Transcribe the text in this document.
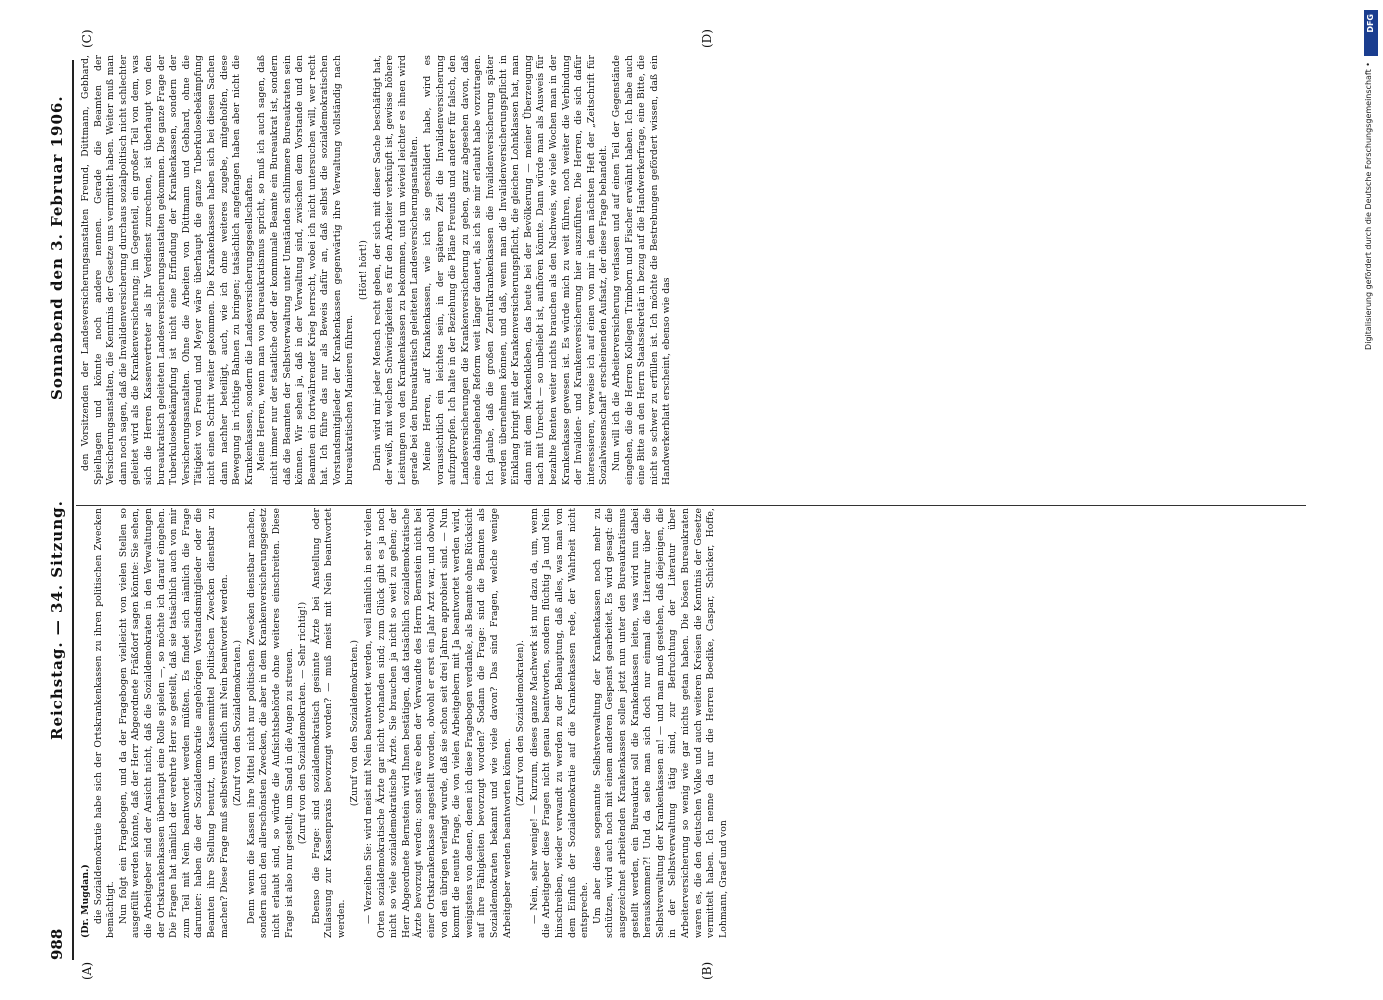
988
Reichstag. — 34. Sitzung.
Sonnabend den 3. Februar 1906.
(A)	(B)
(C)	(D)

(Dr. Mugdan.) die Sozialdemokratie habe sich der Ortskrankenkassen zu ihren politischen Zwecken bemächtigt. Nun folgt ein Fragebogen, und da der Fragebogen vielleicht von vielen Stellen so ausgefüllt werden könnte, daß der Herr Abgeordnete Fräßdorf sagen könnte: Sie sehen, die Arbeitgeber sind der Ansicht nicht, daß die Sozialdemokraten in den Verwaltungen der Ortskrankenkassen überhaupt eine Rolle spielen —, so möchte ich darauf eingehen. Die Fragen hat nämlich der verehrte Herr so gestellt, daß sie tatsächlich auch von mir zum Teil mit Nein beantwortet werden müßten. Es findet sich nämlich die Frage darunter: haben die der Sozialdemokratie angehörigen Vorstandsmitglieder oder die Beamten ihre Stellung benutzt, um Kassenmittel politischen Zwecken dienstbar zu machen? Diese Frage muß selbstverständlich mit Nein beantwortet werden. (Zuruf von den Sozialdemokraten.) Denn wenn die Kassen ihre Mittel nicht nur politischen Zwecken dienstbar machen, sondern auch den allerschönsten Zwecken, die aber in dem Krankenversicherungsgesetz nicht erlaubt sind, so würde die Aufsichtsbehörde ohne weiteres einschreiten. Diese Frage ist also nur gestellt, um Sand in die Augen zu streuen. (Zuruf von den Sozialdemokraten. — Sehr richtig!) Ebenso die Frage: sind sozialdemokratisch gesinnte Ärzte bei Anstellung oder Zulassung zur Kassenpraxis bevorzugt worden? — muß meist mit Nein beantwortet werden.

(Zuruf von den Sozialdemokraten.) — Verzeihen Sie: wird meist mit Nein beantwortet werden, weil nämlich in sehr vielen Orten sozialdemokratische Ärzte gar nicht vorhanden sind; zum Glück gibt es ja noch nicht so viele sozialdemokratische Ärzte. Sie brauchen ja nicht so weit zu gehen; der Herr Abgeordnete Bernstein wird Ihnen bestätigen, daß tatsächlich sozialdemokratische Ärzte bevorzugt werden; sonst wäre eben der Verwandte des Herrn Bernstein nicht bei einer Ortskrankenkasse angestellt worden, obwohl er erst ein Jahr Arzt war, und obwohl von den übrigen verlangt wurde, daß sie schon seit drei Jahren approbiert sind. — Nun kommt die neunte Frage, die von vielen Arbeitgebern mit Ja beantwortet werden wird, wenigstens von denen, denen ich diese Fragebogen verdanke, als Beamte ohne Rücksicht auf ihre Fähigkeiten bevorzugt worden? Sodann die Frage: sind die Beamten als Sozialdemokraten bekannt und wie viele davon? Das sind Fragen, welche wenige Arbeitgeber werden beantworten können.

(Zuruf von den Sozialdemokraten). — Nein, sehr wenige! — Kurzum, dieses ganze Machwerk ist nur dazu da, um, wenn die Arbeitgeber diese Fragen nicht genau beantworten, sondern flüchtig Ja und Nein hinschreiben, wieder verwandt zu werden zu der Behauptung, daß alles, was man von dem Einfluß der Sozialdemokratie auf die Krankenkassen rede, der Wahrheit nicht entspreche. Um aber diese sogenannte Selbstverwaltung der Krankenkassen noch mehr zu schützen, wird auch noch mit einem anderen Gespenst gearbeitet. Es wird gesagt: die ausgezeichnet arbeitenden Krankenkassen sollen jetzt nun unter den Bureaukratismus gestellt werden, ein Bureaukrat soll die Krankenkassen leiten, was wird nun dabei herauskommen?! Und da sehe man sich doch nur einmal die Literatur über die Selbstverwaltung der Krankenkassen an! — und man muß gestehen, daß diejenigen, die in der Selbstverwaltung tätig sind, zur Befruchtung der Literatur über Arbeiterversicherung so wenig wie gar nichts getan haben. Die bösen Bureaukraten waren es, die den deutschen Volke und auch weiteren Kreisen die Kenntnis der Gesetze vermittelt haben. Ich nenne da nur die Herren Boedike, Caspar, Schicker, Hoffe, Lohmann, Graef und von

den Vorsitzenden der Landesversicherungsanstalten Freund, Düttmann, Gebhard, Spielhagen und könnte noch andere nennen. Gerade die Beamten der Versicherungsanstalten, die Kenntnis der Gesetze uns vermittelt haben. Weiter muß man dann noch sagen, daß die Invalidenversicherung durchaus sozialpolitisch nicht schlechter geleitet wird als die Krankenversicherung; im Gegenteil, ein großer Teil von dem, was sich die Herren Kassenvertreter als ihr Verdienst zurechnen, ist überhaupt von den bureaukratisch geleiteten Landesversicherungsanstalten gekommen. Die ganze Frage der Tuberkulosebekämpfung ist nicht eine Erfindung der Krankenkassen, sondern der Versicherungsanstalten. Ohne die Arbeiten von Düttmann und Gebhard, ohne die Tätigkeit von Freund und Meyer wäre überhaupt die ganze Tuberkulosebekämpfung nicht einen Schritt weiter gekommen. Die Krankenkassen haben sich bei diesen Sachen dann nachher beteiligt, auch, wie ich ohne weiteres zugebe, mitgeholfen, diese Bewegung in richtige Bahnen zu bringen; tatsächlich angefangen haben aber nicht die Krankenkassen, sondern die Landesversicherungsgesellschaften. Meine Herren, wenn man von Bureaukratismus spricht, so muß ich auch sagen, daß nicht immer nur der staatliche oder der kommunale Beamte ein Bureaukrat ist, sondern daß die Beamten der Selbstverwaltung unter Umständen schlimmere Bureaukraten sein können. Wir sehen ja, daß in der Verwaltung sind, zwischen dem Vorstande und den Beamten ein fortwährender Krieg herrscht, wobei ich nicht untersuchen will, wer recht hat. Ich führe das nur als Beweis dafür an, daß selbst die sozialdemokratischen Vorstandsmitglieder der Krankenkassen gegenwärtig ihre Verwaltung vollständig nach bureaukratischen Manieren führen.

(Hört! hört!) Darin wird mir jeder Mensch recht geben, der sich mit dieser Sache beschäftigt hat, der weiß, mit welchen Schwierigkeiten es für den Arbeiter verknüpft ist, gewisse höhere Leistungen von den Krankenkassen zu bekommen, und um wieviel leichter es ihnen wird gerade bei den bureaukratisch geleiteten Landesversicherungsanstalten. Meine Herren, auf Krankenkassen, wie ich sie geschildert habe, wird es voraussichtlich ein leichtes sein, in der späteren Zeit die Invalidenversicherung aufzupfropfen. Ich halte in der Beziehung die Pläne Freunds und anderer für falsch, den Landesversicherungen die Krankenversicherung zu geben, ganz abgesehen davon, daß eine dahingehende Reform weit länger dauert, als ich sie mir erlaubt habe vorzutragen. Ich glaube, daß die großen Zentralkrankenkassen die Invalidenversicherung später werden übernehmen können, und daß, wenn man die Invalidenversicherungspflicht in Einklang bringt mit der Krankenversicherungspflicht, die gleichen Lohnklassen hat, man dann mit dem Markenkleben, das heute bei der Bevölkerung — meiner Überzeugung nach mit Unrecht — so unbeliebt ist, aufhören könnte. Dann würde man als Ausweis für bezahlte Renten weiter nichts brauchen als den Nachweis, wie viele Wochen man in der Krankenkasse gewesen ist. Es würde mich zu weit führen, noch weiter die Verbindung der Invaliden- und Krankenversicherung hier auszuführen. Die Herren, die sich dafür interessieren, verweise ich auf einen von mir in dem nächsten Heft der „Zeitschrift für Sozialwissenschaft" erscheinenden Aufsatz, der diese Frage behandelt. Nun will ich die Arbeiterversicherung verlassen und auf einen Teil der Gegenstände eingehen, die die Herren Kollegen Trimborn und Fischer erwähnt haben. Ich habe auch eine Bitte an den Herrn Staatssekretär in bezug auf die Handwerkerfrage, eine Bitte, die nicht so schwer zu erfüllen ist. Ich möchte die Bestrebungen gefördert wissen, daß ein Handwerkerblatt erscheint, ebenso wie das

DFG
Digitalisierung gefördert durch die Deutsche Forschungsgemeinschaft •
